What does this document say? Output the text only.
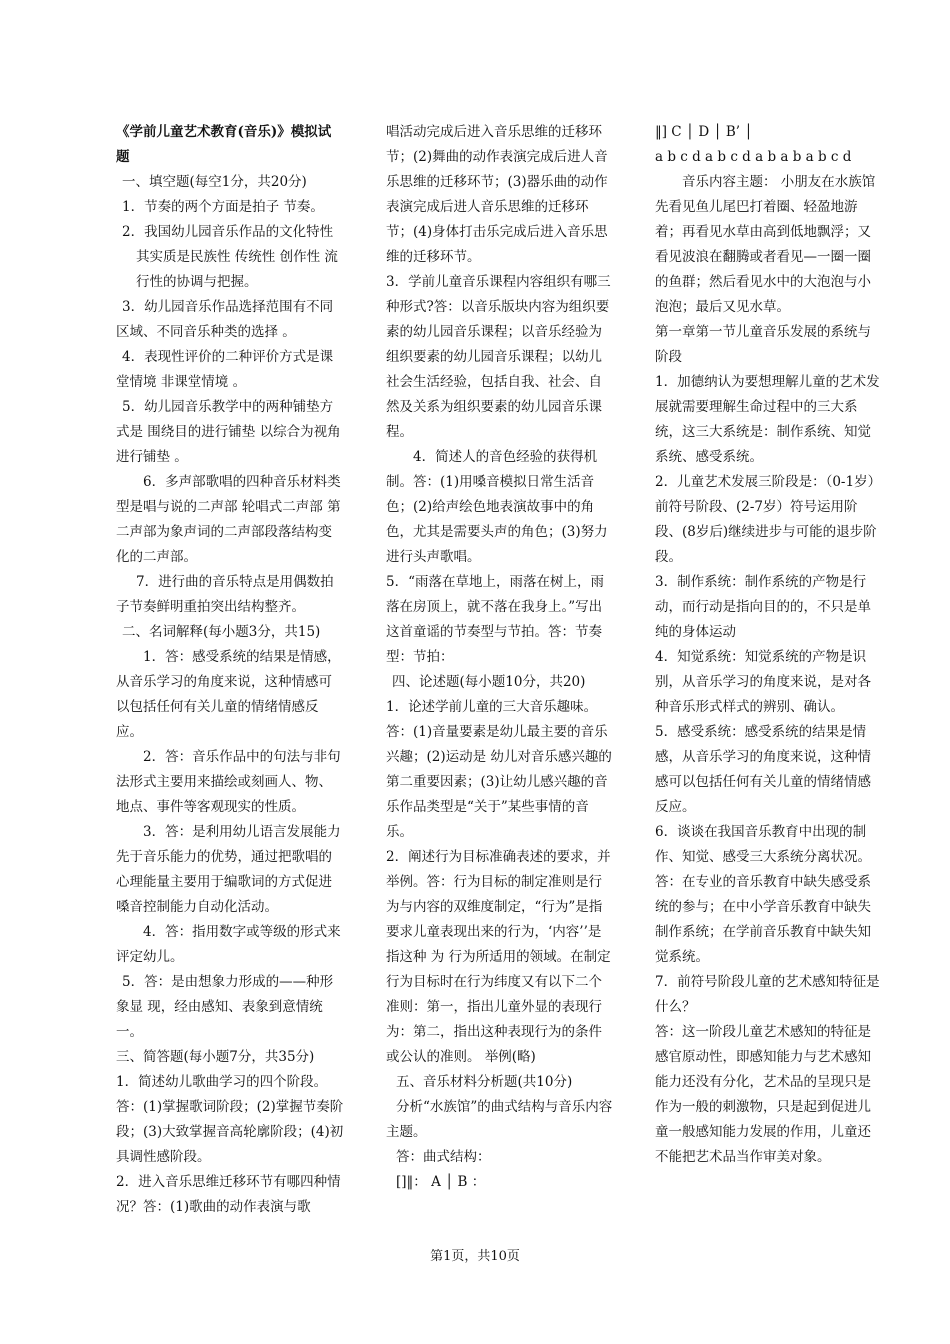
《学前儿童艺术教育(音乐)》模拟试题

一、填空题(每空1分，共20分)

1．节奏的两个方面是拍子 节奏。

2．我国幼儿园音乐作品的文化特性其实质是民族性 传统性 创作性 流行性的协调与把握。

3．幼儿园音乐作品选择范围有不同区域、不同音乐种类的选择 。

4．表现性评价的二种评价方式是课堂情境 非课堂情境 。

5．幼儿园音乐教学中的两种铺垫方式是 围绕目的进行铺垫 以综合为视角进行铺垫 。

6．多声部歌唱的四种音乐材料类型是唱与说的二声部 轮唱式二声部 第二声部为象声词的二声部段落结构变化的二声部。

7．进行曲的音乐特点是用偶数拍子节奏鲜明重拍突出结构整齐。

二、名词解释(每小题3分，共15)

1．答：感受系统的结果是情感，从音乐学习的角度来说，这种情感可以包括任何有关儿童的情绪情感反应。

2．答：音乐作品中的句法与非句法形式主要用来描绘或刻画人、物、地点、事件等客观现实的性质。

3．答：是利用幼儿语言发展能力先于音乐能力的优势，通过把歌唱的心理能量主要用于编歌词的方式促进嗓音控制能力自动化活动。

4．答：指用数字或等级的形式来评定幼儿。

5．答：是由想象力形成的——种形象显 现，经由感知、表象到意情统一。

三、简答题(每小题7分，共35分)

1．简述幼儿歌曲学习的四个阶段。答：(1)掌握歌词阶段；(2)掌握节奏阶段；(3)大致掌握音高轮廓阶段；(4)初具调性感阶段。

2．进入音乐思维迁移环节有哪四种情况？答：(1)歌曲的动作表演与歌

唱活动完成后进入音乐思维的迁移环节；(2)舞曲的动作表演完成后进人音乐思维的迁移环节；(3)器乐曲的动作表演完成后进人音乐思维的迁移环节；(4)身体打击乐完成后进入音乐思维的迁移环节。

3．学前儿童音乐课程内容组织有哪三种形式?答：以音乐版块内容为组织要素的幼儿园音乐课程；以音乐经验为组织要素的幼儿园音乐课程；以幼儿社会生活经验，包括自我、社会、自然及关系为组织要素的幼儿园音乐课程。

4．简述人的音色经验的获得机制。答：(1)用嗓音模拟日常生活音色；(2)给声绘色地表演故事中的角色，尤其是需要头声的角色；(3)努力进行头声歌唱。

5．“雨落在草地上，雨落在树上，雨落在房顶上，就不落在我身上。”写出这首童谣的节奏型与节拍。答：节奏型：节拍：

四、论述题(每小题10分，共20)

1．论述学前儿童的三大音乐趣味。答：(1)音量要素是幼儿最主要的音乐兴趣；(2)运动是 幼儿对音乐感兴趣的第二重要因素；(3)让幼儿感兴趣的音乐作品类型是“关于”某些事情的音乐。

2．阐述行为目标准确表述的要求，并举例。答：行为目标的制定准则是行为与内容的双维度制定，“行为”是指要求儿童表现出来的行为，‘内容’’是指这种 为 行为所适用的领域。在制定行为目标时在行为纬度又有以下二个准则：第一，指出儿童外显的表现行为：第二，指出这种表现行为的条件或公认的准则。 举例(略)

五、音乐材料分析题(共10分)

分析“水族馆”的曲式结构与音乐内容主题。

答：曲式结构：

[]‖： A │ B ：

‖] C │ D │ B’ │

a b c d a b c d a b a b a b c d

音乐内容主题： 小朋友在水族馆先看见鱼儿尾巴打着圈、轻盈地游着；再看见水草由高到低地飘浮；又看见波浪在翻腾或者看见—一圈一圈的鱼群；然后看见水中的大泡泡与小泡泡；最后又见水草。

第一章第一节儿童音乐发展的系统与阶段

1．加德纳认为要想理解儿童的艺术发展就需要理解生命过程中的三大系统，这三大系统是：制作系统、知觉系统、感受系统。

2．儿童艺术发展三阶段是：（0-1岁）前符号阶段、(2-7岁）符号运用阶段、(8岁后)继续进步与可能的退步阶段。

3．制作系统：制作系统的产物是行动，而行动是指向目的的，不只是单纯的身体运动

4．知觉系统：知觉系统的产物是识别，从音乐学习的角度来说，是对各种音乐形式样式的辨别、确认。

5．感受系统：感受系统的结果是情感，从音乐学习的角度来说，这种情感可以包括任何有关儿童的情绪情感反应。

6．谈谈在我国音乐教育中出现的制作、知觉、感受三大系统分离状况。答：在专业的音乐教育中缺失感受系统的参与；在中小学音乐教育中缺失制作系统；在学前音乐教育中缺失知觉系统。

7．前符号阶段儿童的艺术感知特征是什么？

答：这一阶段儿童艺术感知的特征是感官原动性，即感知能力与艺术感知能力还没有分化，艺术品的呈现只是作为一般的刺激物，只是起到促进儿童一般感知能力发展的作用，儿童还不能把艺术品当作审美对象。

第1页，共10页
